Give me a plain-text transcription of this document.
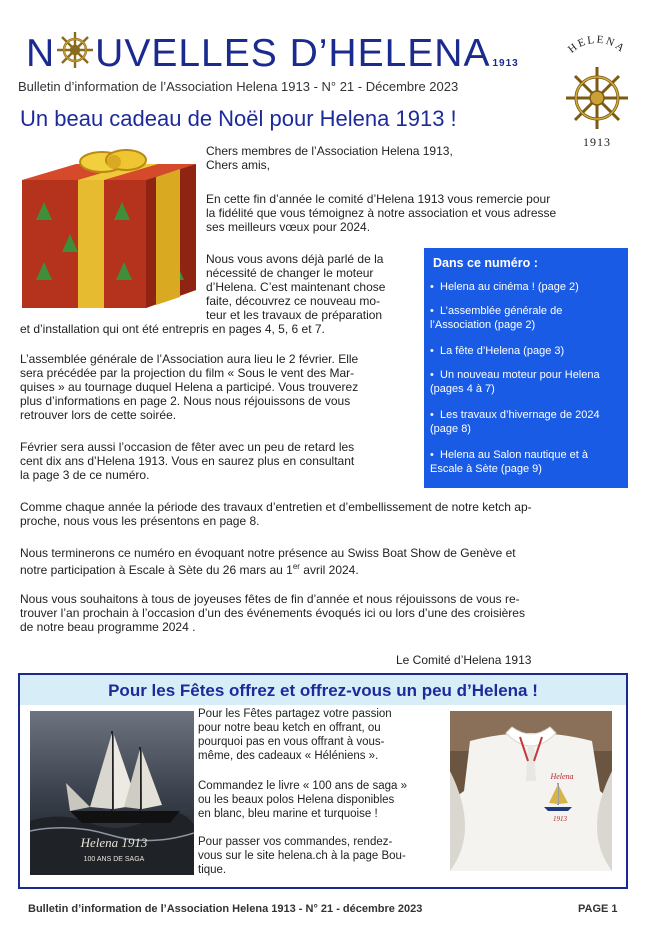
N UVELLES D’HELENA 1913
Bulletin d’information de l’Association Helena 1913 - N° 21 - Décembre 2023
HELENA
1913
Un beau cadeau de Noël pour Helena 1913 !

Chers membres de l’Association Helena 1913,

Chers amis,

En cette fin d’année le comité d’Helena 1913 vous remercie pour

la fidélité que vous témoignez à notre association et vous adresse

ses meilleurs vœux pour 2024.

Nous vous avons déjà parlé de la

nécessité de changer le moteur

d’Helena. C’est maintenant chose

faite, découvrez ce nouveau mo-

teur et les travaux de préparation

et d’installation qui ont été entrepris en pages 4, 5, 6 et 7.

L’assemblée générale de l’Association aura lieu le 2 février. Elle

sera précédée par la projection du film « Sous le vent des Mar-

quises » au tournage duquel Helena a participé. Vous trouverez

plus d’informations en page 2. Nous nous réjouissons de vous

retrouver lors de cette soirée.

Février sera aussi l’occasion de fêter avec un peu de retard les

cent dix ans d’Helena 1913. Vous en saurez plus en consultant

la page 3 de ce numéro.

Comme chaque année la période des travaux d’entretien et d’embellissement de notre ketch ap-

proche, nous vous les présentons en page 8.

Nous terminerons ce numéro en évoquant notre présence au Swiss Boat Show de Genève et

notre participation à Escale à Sète du 26 mars au 1er avril 2024.

Nous vous souhaitons à tous de joyeuses fêtes de fin d’année et nous réjouissons de vous re-

trouver l’an prochain à l’occasion d’un des événements évoqués ici ou lors d’une des croisières

de notre beau programme 2024 .

Le Comité d’Helena 1913
Dans ce numéro :
• Helena au cinéma ! (page 2)
• L’assemblée générale de
l’Association (page 2)
• La fête d’Helena (page 3)
• Un nouveau moteur pour Helena
(pages 4 à 7)
• Les travaux d’hivernage de 2024
(page 8)
• Helena au Salon nautique et à
Escale à Sète (page 9)
Pour les Fêtes offrez et offrez-vous un peu d’Helena !
Helena 1913
100 ANS DE SAGA

Pour les Fêtes partagez votre passion

pour notre beau ketch en offrant, ou

pourquoi pas en vous offrant à vous-

même, des cadeaux « Héléniens ».

Commandez le livre « 100 ans de saga »

ou les beaux polos Helena disponibles

en blanc, bleu marine et turquoise !

Pour passer vos commandes, rendez-

vous sur le site helena.ch à la page Bou-

tique.

Helena
1913
Bulletin d’information de l’Association Helena 1913 - N° 21 - décembre 2023	PAGE 1
